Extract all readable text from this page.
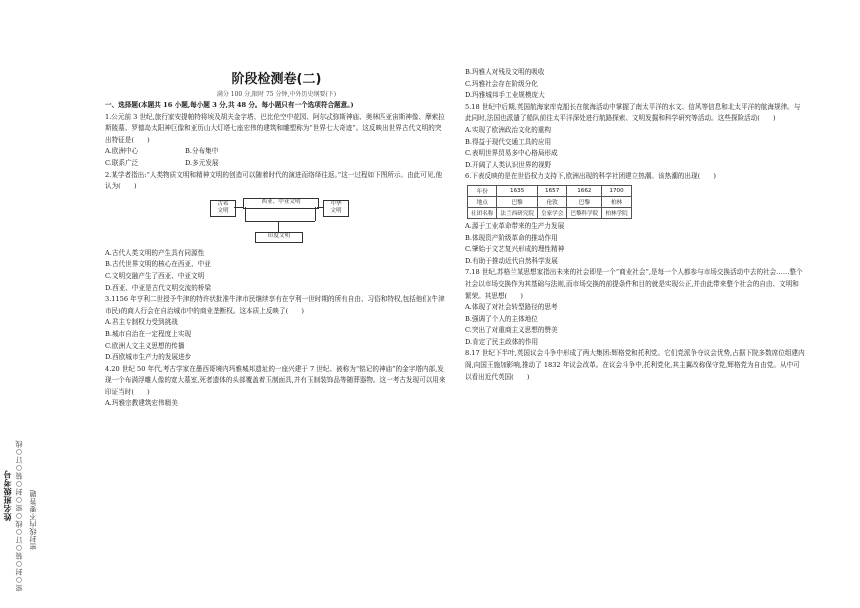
姓名班级考号 密○封○装○订○线○密○封○装○订○线 密封线内不要答题
阶段检测卷(二)
满分 100 分,限时 75 分钟,中外历史纲要(下)

一、选择题(本题共 16 小题,每小题 3 分,共 48 分。每小题只有一个选项符合题意。)

1.公元前 3 世纪,旅行家安提帕特将埃及胡夫金字塔、巴比伦空中花园、阿尔忒弥斯神庙、奥林匹亚宙斯神像、摩索拉斯陵墓、罗德岛太阳神巨像和亚历山大灯塔七座宏伟的建筑和雕塑称为“世界七大奇迹”。这反映出世界古代文明的突出特征是(　　)

A.欧洲中心	B.分布集中
C.联系广泛	D.多元发展

2.某学者指出:“人类物质文明和精神文明的创造可以随着时代的演进而络绎往返。”这一过程如下图所示。由此可见,他认为(　　)

古希
文明
西亚、中亚文明	中华
文明
印度文明

A.古代人类文明的产生具有同源性

B.古代世界文明的核心在西亚、中亚

C.文明交融产生了西亚、中亚文明

D.西亚、中亚是古代文明交流的桥梁

3.1156 年亨利二世授予牛津的特许状批准牛津市民继续享有在亨利一世时期的所有自由、习俗和特权,包括他们(牛津市民)的商人行会在自治城市中的商业垄断权。这本质上反映了(　　)

A.君主专制权力受到挑战

B.城市自治在一定程度上实现

C.欧洲人文主义思想的传播

D.西欧城市生产力的发展进步

4.20 世纪 50 年代,考古学家在墨西哥境内玛雅城邦遗址的一座兴建于 7 世纪、被称为“铭记的神庙”的金字塔内部,发现一个布满浮雕人像的宽大墓室,死者遗体的头部覆盖着玉制面具,并有玉制装饰品等随葬器物。这一考古发现可以用来印证当时(　　)

A.玛雅宗教建筑宏伟精美

B.玛雅人对残及文明的吸收

C.玛雅社会存在阶级分化

D.玛雅城邦手工业规模庞大

5.18 世纪中后期,英国航海家库克船长在航海活动中掌握了南太平洋的水文、信风等信息和北太平洋的航海规律。与此同时,法国也派遣了船队前往太平洋深处进行航路探索、文明发掘和科学研究等活动。这些探险活动(　　)

A.实现了欧洲政治文化的重构

B.得益于现代交通工具的应用

C.表明世界贸易多中心格局形成

D.开阔了人类认识世界的视野

6.下表反映的是在世俗权力支持下,欧洲出现的科学社团建立热潮。该热潮的出现(　　)

年份	1635	1657	1662	1700
地点	巴黎	伦敦	巴黎	柏林
社团名称	法兰西研究院	皇家学会	巴黎科学院	柏林学院

A.源于工业革命带来的生产力发展

B.体现资产阶级革命的推动作用

C.肇始于文艺复兴形成的理性精神

D.有助于推动近代自然科学发展

7.18 世纪,苏格兰某思想家指出未来的社会即是一个“商业社会”,是每一个人都参与市场交换活动中去的社会……整个社会以市场交换作为其基础与法则,而市场交换的前提条件和目的就是实现公正,并由此带来整个社会的自由、文明和繁荣。其思想(　　)

A.体现了对社会转型路径的思考

B.强调了个人的主体地位

C.突出了对重商主义思想的赞美

D.肯定了民主政体的作用

8.17 世纪下半叶,英国议会斗争中形成了两大集团:辉格党和托利党。它们党派争夺议会优势,占据下院多数席位组建内阁,向国王施加影响,推动了 1832 年议会改革。在议会斗争中,托利党化,其主翼改称保守党,辉格党为自由党。从中可以看出近代英国(　　)
